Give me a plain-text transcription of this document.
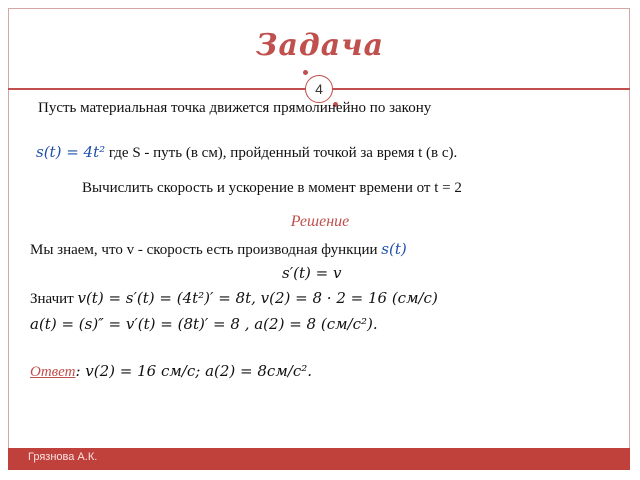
Задача
4
Пусть материальная точка движется прямолинейно по закону
s(t) = 4t² где S - путь (в см), пройденный точкой за время t (в с).
Вычислить скорость и ускорение в момент времени от t = 2
Решение
Мы знаем, что v - скорость есть производная функции s(t)
s′(t) = v
Значит v(t) = s′(t) = (4t²)′ = 8t, v(2) = 8 · 2 = 16 (см/с)
a(t) = (s)″ = v′(t) = (8t)′ = 8 , a(2) = 8 (см/с²).
Ответ: v(2) = 16 см/с; a(2) = 8см/с².
Грязнова А.К.
